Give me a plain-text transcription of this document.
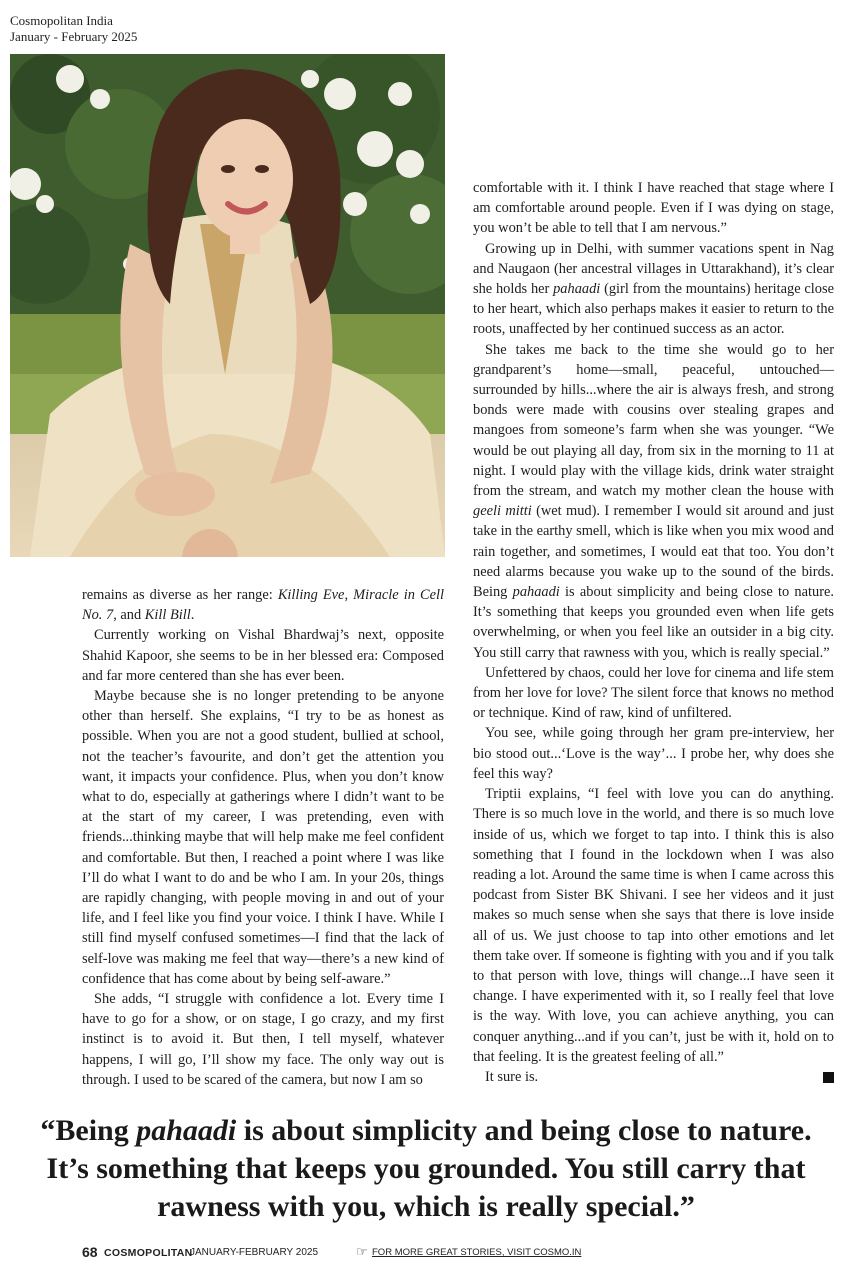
Cosmopolitan India
January - February 2025

remains as diverse as her range: Killing Eve, Miracle in Cell No. 7, and Kill Bill.

Currently working on Vishal Bhardwaj’s next, opposite Shahid Kapoor, she seems to be in her blessed era: Composed and far more centered than she has ever been.

Maybe because she is no longer pretending to be anyone other than herself. She explains, “I try to be as honest as possible. When you are not a good student, bullied at school, not the teacher’s favourite, and don’t get the attention you want, it impacts your confidence. Plus, when you don’t know what to do, especially at gatherings where I didn’t want to be at the start of my career, I was pretending, even with friends...thinking maybe that will help make me feel confident and comfortable. But then, I reached a point where I was like I’ll do what I want to do and be who I am. In your 20s, things are rapidly changing, with people moving in and out of your life, and I feel like you find your voice. I think I have. While I still find myself confused sometimes—I find that the lack of self-love was making me feel that way—there’s a new kind of confidence that has come about by being self-aware.”

She adds, “I struggle with confidence a lot. Every time I have to go for a show, or on stage, I go crazy, and my first instinct is to avoid it. But then, I tell myself, whatever happens, I will go, I’ll show my face. The only way out is through. I used to be scared of the camera, but now I am so

comfortable with it. I think I have reached that stage where I am comfortable around people. Even if I was dying on stage, you won’t be able to tell that I am nervous.”

Growing up in Delhi, with summer vacations spent in Nag and Naugaon (her ancestral villages in Uttarakhand), it’s clear she holds her pahaadi (girl from the mountains) heritage close to her heart, which also perhaps makes it easier to return to the roots, unaffected by her continued success as an actor.

She takes me back to the time she would go to her grandparent’s home—small, peaceful, untouched—surrounded by hills...where the air is always fresh, and strong bonds were made with cousins over stealing grapes and mangoes from someone’s farm when she was younger. “We would be out playing all day, from six in the morning to 11 at night. I would play with the village kids, drink water straight from the stream, and watch my mother clean the house with geeli mitti (wet mud). I remember I would sit around and just take in the earthy smell, which is like when you mix wood and rain together, and sometimes, I would eat that too. You don’t need alarms because you wake up to the sound of the birds. Being pahaadi is about simplicity and being close to nature. It’s something that keeps you grounded even when life gets overwhelming, or when you feel like an outsider in a big city. You still carry that rawness with you, which is really special.”

Unfettered by chaos, could her love for cinema and life stem from her love for love? The silent force that knows no method or technique. Kind of raw, kind of unfiltered.

You see, while going through her gram pre-interview, her bio stood out...‘Love is the way’... I probe her, why does she feel this way?

Triptii explains, “I feel with love you can do anything. There is so much love in the world, and there is so much love inside of us, which we forget to tap into. I think this is also something that I found in the lockdown when I was also reading a lot. Around the same time is when I came across this podcast from Sister BK Shivani. I see her videos and it just makes so much sense when she says that there is love inside all of us. We just choose to tap into other emotions and let them take over. If someone is fighting with you and if you talk to that person with love, things will change...I have seen it change. I have experimented with it, so I really feel that love is the way. With love, you can achieve anything, you can conquer anything...and if you can’t, just be with it, hold on to that feeling. It is the greatest feeling of all.”

It sure is.

“Being pahaadi is about simplicity and being close to nature. It’s something that keeps you grounded. You still carry that rawness with you, which is really special.”
68 COSMOPOLITAN
JANUARY-FEBRUARY 2025	☞ FOR MORE GREAT STORIES, VISIT COSMO.IN
